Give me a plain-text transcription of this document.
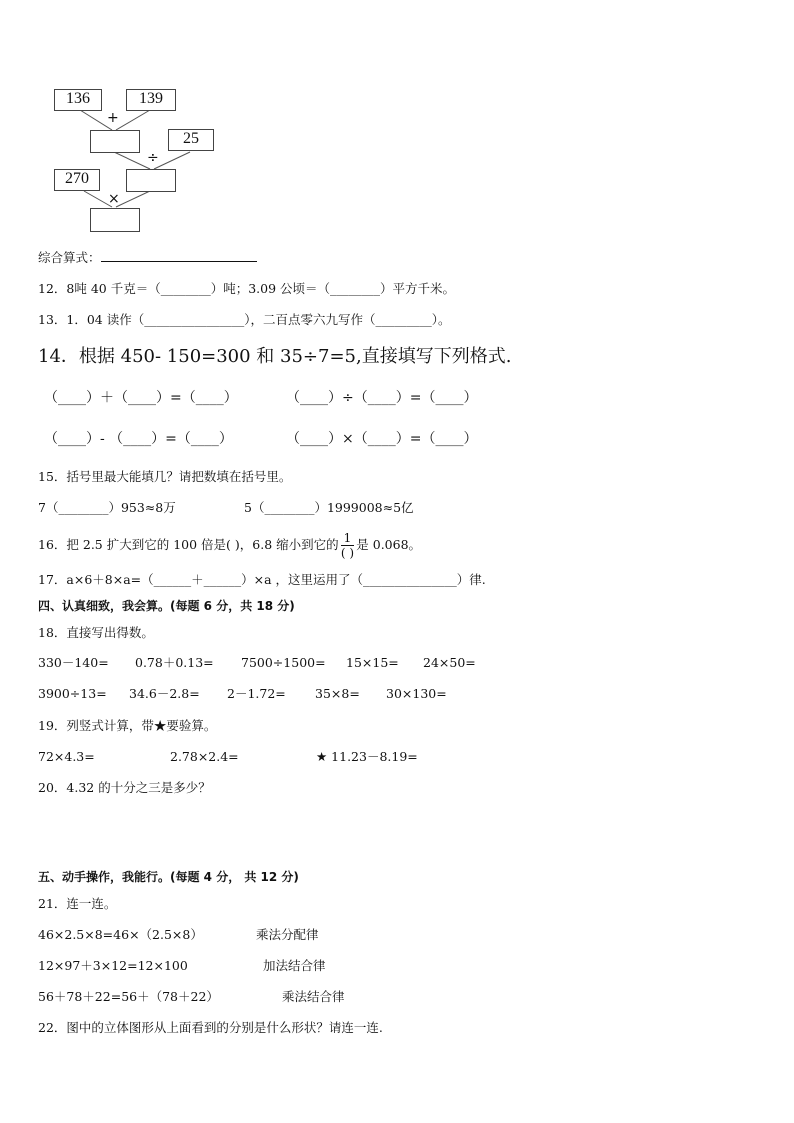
136	139
+
25
÷
270
×
综合算式：
12．8吨 40 千克＝（________）吨；3.09 公顷＝（________）平方千米。
13．1．04 读作（________________），二百点零六九写作（_________）。
14．根据 450- 150=300 和 35÷7=5,直接填写下列格式.
（____）＋（____）=（____）	（____）÷（____）=（____）
（____）- （____）=（____）	（____）×（____）=（____）
15．括号里最大能填几？请把数填在括号里。
7（________）953≈8万	5（________）1999008≈5亿
16．把 2.5 扩大到它的 100 倍是( )，6.8 缩小到它的 $\frac{1}{( )}$ 是 0.068。
17．a×6＋8×a=（______＋______）×a ，这里运用了（_______________）律.
四、认真细致，我会算。(每题 6 分，共 18 分)
18．直接写出得数。
330－140= 0.78＋0.13= 7500÷1500= 15×15= 24×50=
3900÷13= 34.6－2.8= 2－1.72= 35×8= 30×130=
19．列竖式计算，带★要验算。
72×4.3=	2.78×2.4=	★ 11.23－8.19=
20．4.32 的十分之三是多少？
五、动手操作，我能行。(每题 4 分， 共 12 分)
21．连一连。
46×2.5×8=46×（2.5×8）	乘法分配律
12×97＋3×12=12×100	加法结合律
56＋78＋22=56＋（78＋22）	乘法结合律
22．图中的立体图形从上面看到的分别是什么形状？请连一连.
